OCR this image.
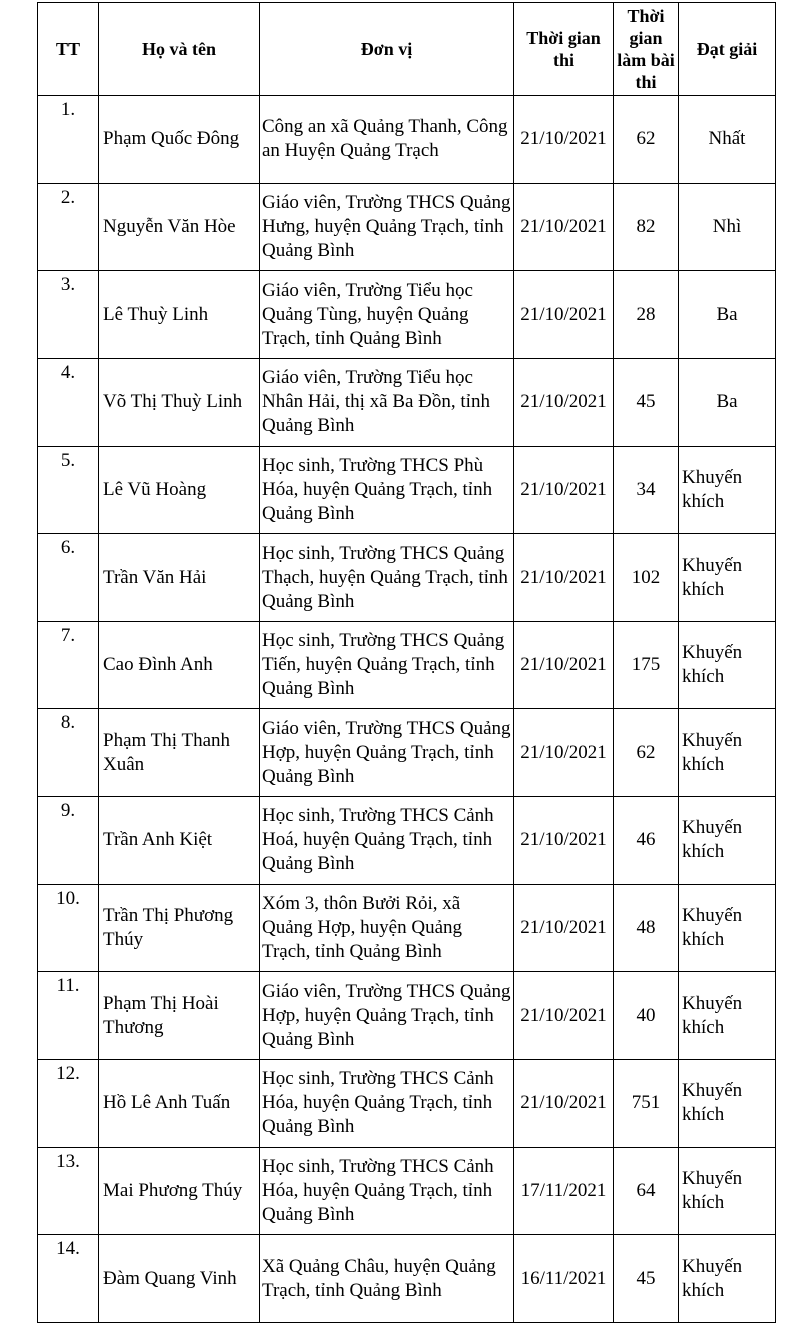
TT	Họ và tên	Đơn vị	Thời gian thi	Thời gian làm bài thi	Đạt giải
1.	Phạm Quốc Đông	Công an xã Quảng Thanh, Công an Huyện Quảng Trạch	21/10/2021	62	Nhất
2.	Nguyễn Văn Hòe	Giáo viên, Trường THCS Quảng Hưng, huyện Quảng Trạch, tỉnh Quảng Bình	21/10/2021	82	Nhì
3.	Lê Thuỳ Linh	Giáo viên, Trường Tiểu học Quảng Tùng, huyện Quảng Trạch, tỉnh Quảng Bình	21/10/2021	28	Ba
4.	Võ Thị Thuỳ Linh	Giáo viên, Trường Tiểu học Nhân Hải, thị xã Ba Đồn, tỉnh Quảng Bình	21/10/2021	45	Ba
5.	Lê Vũ Hoàng	Học sinh, Trường THCS Phù Hóa, huyện Quảng Trạch, tỉnh Quảng Bình	21/10/2021	34	Khuyến khích
6.	Trần Văn Hải	Học sinh, Trường THCS Quảng Thạch, huyện Quảng Trạch, tỉnh Quảng Bình	21/10/2021	102	Khuyến khích
7.	Cao Đình Anh	Học sinh, Trường THCS Quảng Tiến, huyện Quảng Trạch, tỉnh Quảng Bình	21/10/2021	175	Khuyến khích
8.	Phạm Thị Thanh Xuân	Giáo viên, Trường THCS Quảng Hợp, huyện Quảng Trạch, tỉnh Quảng Bình	21/10/2021	62	Khuyến khích
9.	Trần Anh Kiệt	Học sinh, Trường THCS Cảnh Hoá, huyện Quảng Trạch, tỉnh Quảng Bình	21/10/2021	46	Khuyến khích
10.	Trần Thị Phương Thúy	Xóm 3, thôn Bưởi Rỏi, xã Quảng Hợp, huyện Quảng Trạch, tỉnh Quảng Bình	21/10/2021	48	Khuyến khích
11.	Phạm Thị Hoài Thương	Giáo viên, Trường THCS Quảng Hợp, huyện Quảng Trạch, tỉnh Quảng Bình	21/10/2021	40	Khuyến khích
12.	Hồ Lê Anh Tuấn	Học sinh, Trường THCS Cảnh Hóa, huyện Quảng Trạch, tỉnh Quảng Bình	21/10/2021	751	Khuyến khích
13.	Mai Phương Thúy	Học sinh, Trường THCS Cảnh Hóa, huyện Quảng Trạch, tỉnh Quảng Bình	17/11/2021	64	Khuyến khích
14.	Đàm Quang Vinh	Xã Quảng Châu, huyện Quảng Trạch, tỉnh Quảng Bình	16/11/2021	45	Khuyến khích
